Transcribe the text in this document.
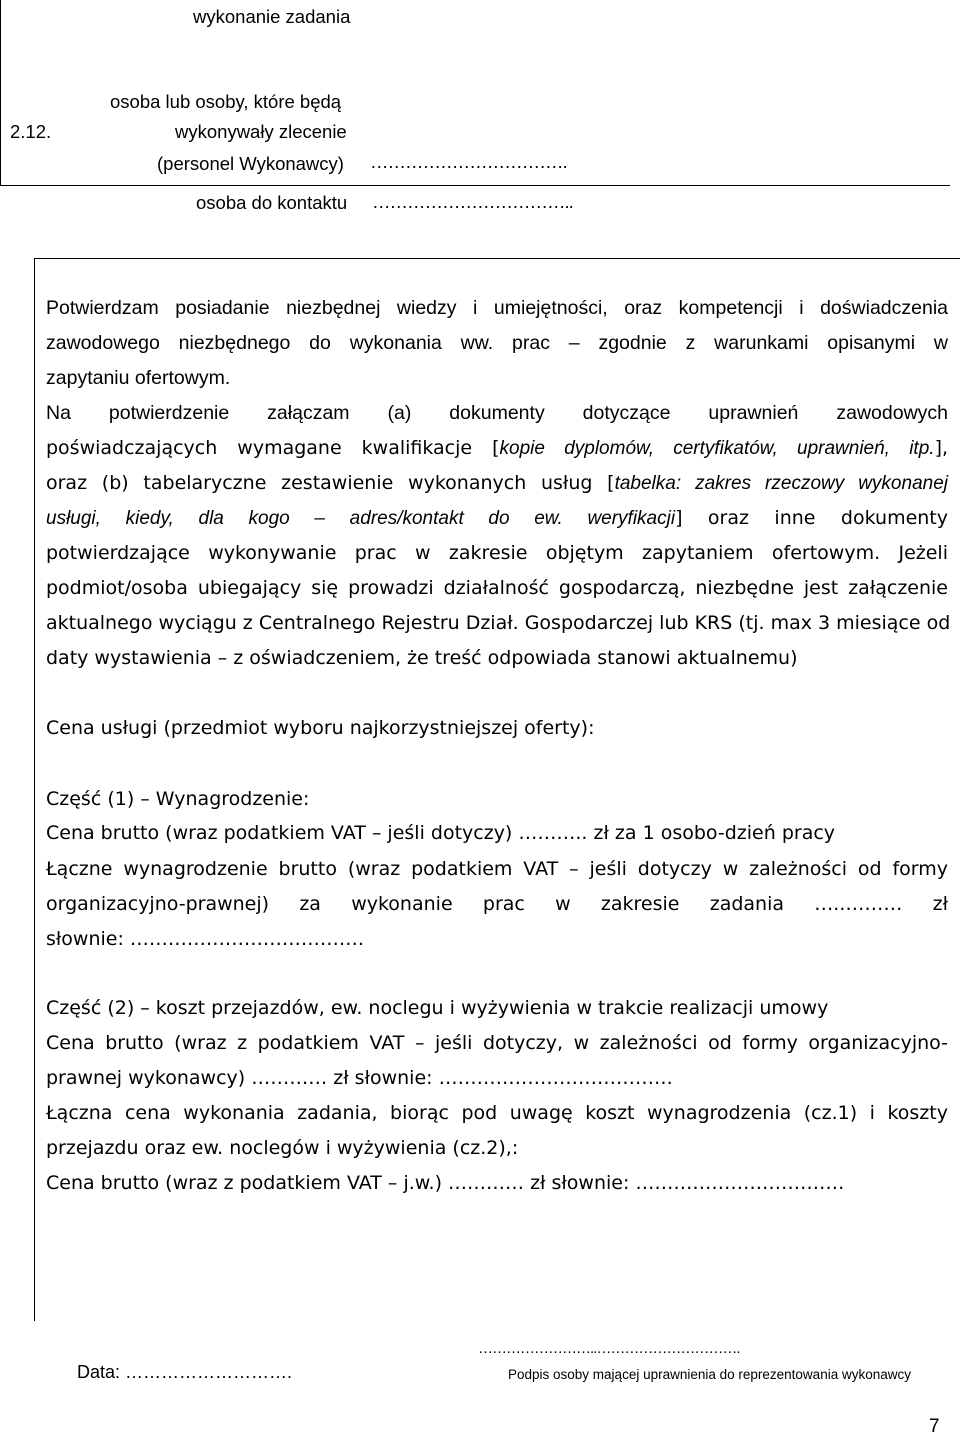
wykonanie zadania
2.12.
osoba lub osoby, które będą
wykonywały zlecenie
(personel Wykonawcy) …………………………….
osoba do kontaktu ……………………………..
Potwierdzam posiadanie niezbędnej wiedzy i umiejętności, oraz kompetencji i doświadczenia
zawodowego niezbędnego do wykonania ww. prac – zgodnie z warunkami opisanymi w
zapytaniu ofertowym.
Na potwierdzenie załączam (a) dokumenty dotyczące uprawnień zawodowych
poświadczających wymagane kwalifikacje [kopie dyplomów, certyfikatów, uprawnień, itp.],
oraz (b) tabelaryczne zestawienie wykonanych usług [tabelka: zakres rzeczowy wykonanej
usługi, kiedy, dla kogo – adres/kontakt do ew. weryfikacji] oraz inne dokumenty
potwierdzające wykonywanie prac w zakresie objętym zapytaniem ofertowym. Jeżeli
podmiot/osoba ubiegający się prowadzi działalność gospodarczą, niezbędne jest załączenie
aktualnego wyciągu z Centralnego Rejestru Dział. Gospodarczej lub KRS (tj. max 3 miesiące od
daty wystawienia – z oświadczeniem, że treść odpowiada stanowi aktualnemu)
Cena usługi (przedmiot wyboru najkorzystniejszej oferty):
Część (1) – Wynagrodzenie:
Cena brutto (wraz podatkiem VAT – jeśli dotyczy) ……….. zł za 1 osobo-dzień pracy
Łączne wynagrodzenie brutto (wraz podatkiem VAT – jeśli dotyczy w zależności od formy
organizacyjno-prawnej) za wykonanie prac w zakresie zadania …..……… zł
słownie: ……………………………….
Część (2) – koszt przejazdów, ew. noclegu i wyżywienia w trakcie realizacji umowy
Cena brutto (wraz z podatkiem VAT – jeśli dotyczy, w zależności od formy organizacyjno-
prawnej wykonawcy) ………… zł słownie: ……………………………….
Łączna cena wykonania zadania, biorąc pod uwagę koszt wynagrodzenia (cz.1) i koszty
przejazdu oraz ew. noclegów i wyżywienia (cz.2),:
Cena brutto (wraz z podatkiem VAT – j.w.) ………… zł słownie: ……………………………
Data: ……………………….
……………………..………………………….
Podpis osoby mającej uprawnienia do reprezentowania wykonawcy
7
